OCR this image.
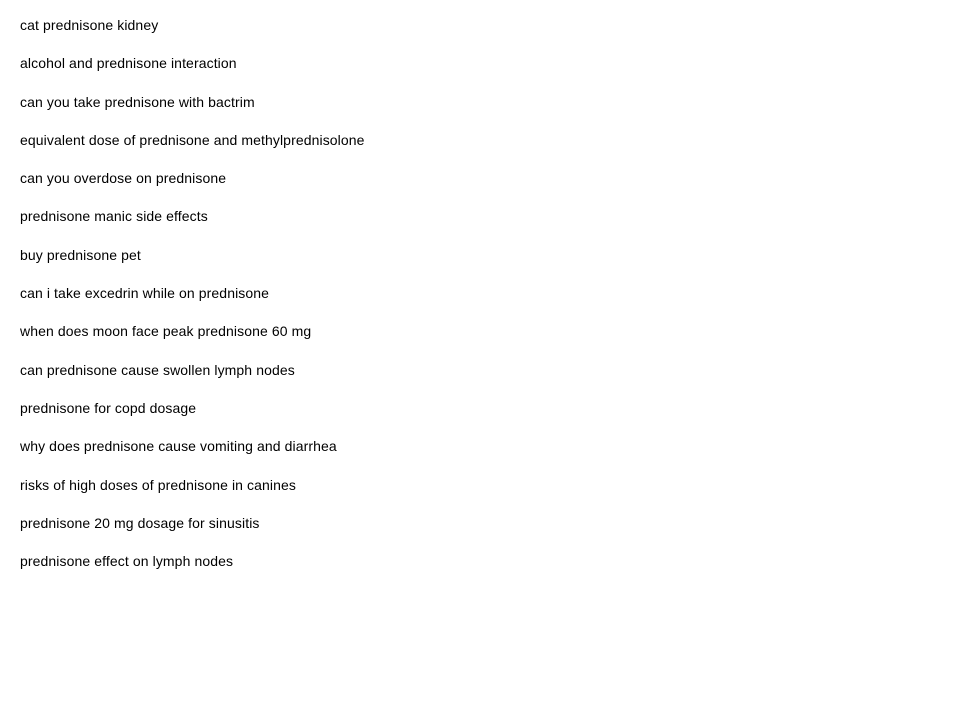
cat prednisone kidney
alcohol and prednisone interaction
can you take prednisone with bactrim
equivalent dose of prednisone and methylprednisolone
can you overdose on prednisone
prednisone manic side effects
buy prednisone pet
can i take excedrin while on prednisone
when does moon face peak prednisone 60 mg
can prednisone cause swollen lymph nodes
prednisone for copd dosage
why does prednisone cause vomiting and diarrhea
risks of high doses of prednisone in canines
prednisone 20 mg dosage for sinusitis
prednisone effect on lymph nodes
